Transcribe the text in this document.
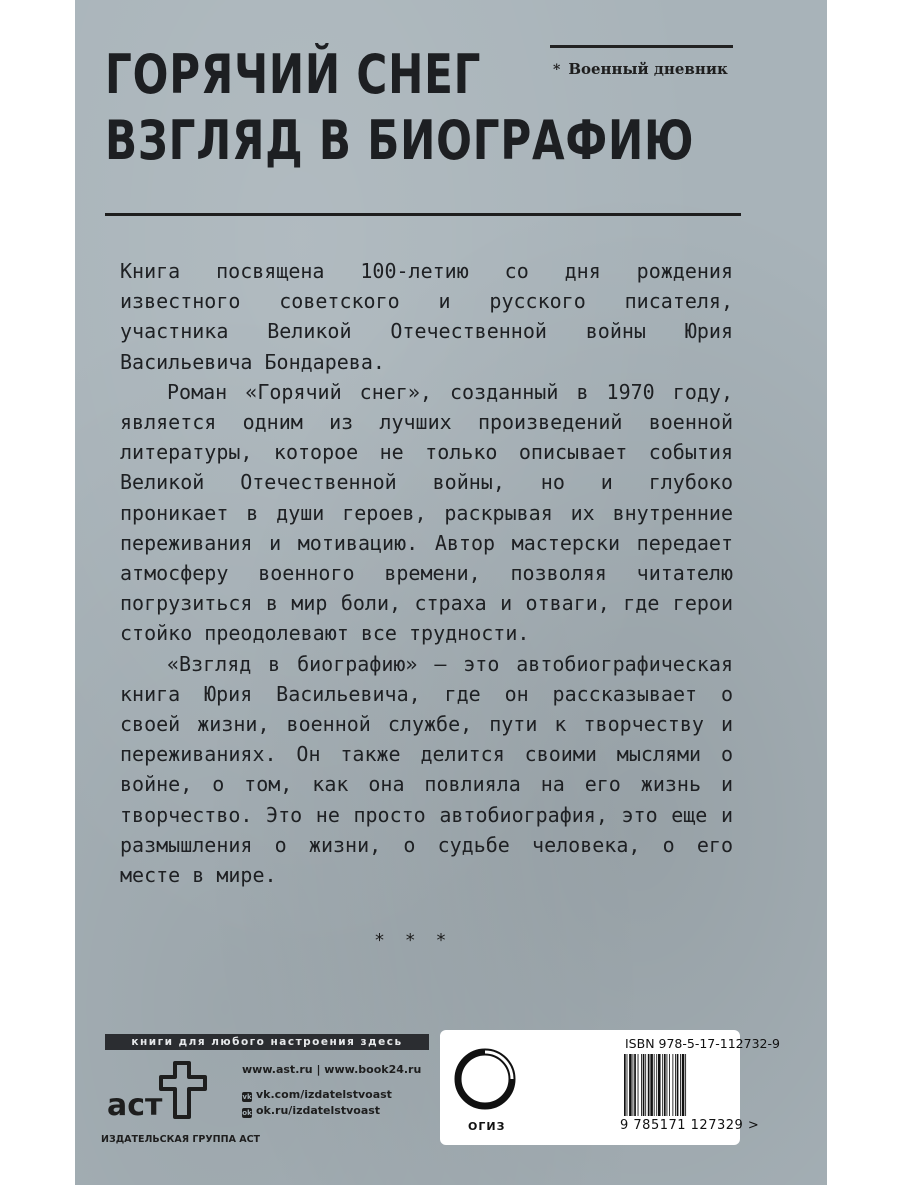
ГОРЯЧИЙ СНЕГ
ВЗГЛЯД В БИОГРАФИЮ
* Военный дневник

Книга посвящена 100-летию со дня рождения известного советского и русского писателя, участника Великой Отечественной войны Юрия Васильевича Бондарева.

Роман «Горячий снег», созданный в 1970 году, является одним из лучших произведений военной литературы, которое не только описывает события Великой Отечественной войны, но и глубоко проникает в души героев, раскрывая их внутренние переживания и мотивацию. Автор мастерски передает атмосферу военного времени, позволяя читателю погрузиться в мир боли, страха и отваги, где герои стойко преодолевают все трудности.

«Взгляд в биографию» — это автобиографическая книга Юрия Васильевича, где он рассказывает о своей жизни, военной службе, пути к творчеству и переживаниях. Он также делится своими мыслями о войне, о том, как она повлияла на его жизнь и творчество. Это не просто автобиография, это еще и размышления о жизни, о судьбе человека, о его месте в мире.

* * *
книги для любого настроения здесь
аст
ИЗДАТЕЛЬСКАЯ ГРУППА АСТ
www.ast.ru | www.book24.ru
vk vk.com/izdatelstvoast
ok ok.ru/izdatelstvoast
ОГИЗ
ISBN 978-5-17-112732-9
9 785171 127329 >
